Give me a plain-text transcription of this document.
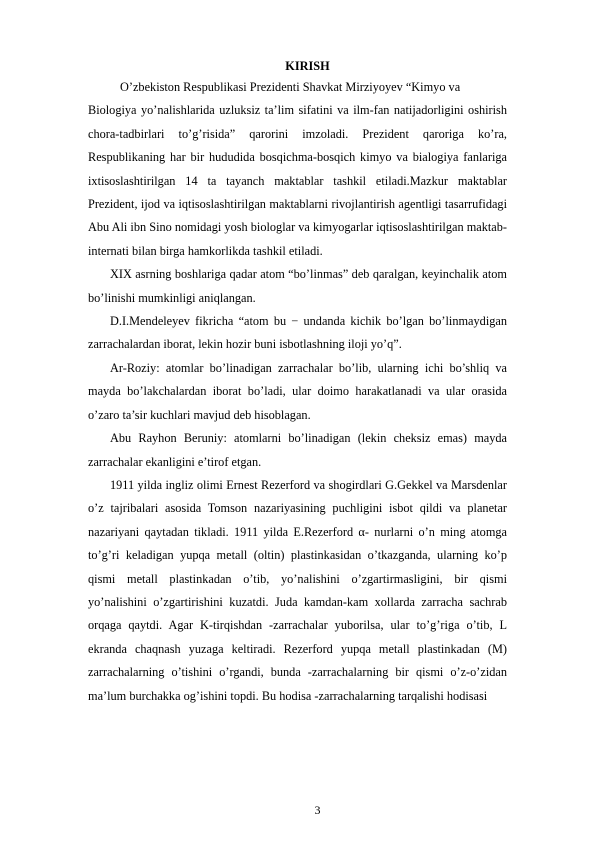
KIRISH
O’zbekiston Respublikasi Prezidenti Shavkat Mirziyoyev “Kimyo va

Biologiya yo’nalishlarida uzluksiz ta’lim sifatini va ilm-fan natijadorligini oshirish chora-tadbirlari to’g’risida” qarorini imzoladi. Prezident qaroriga ko’ra, Respublikaning har bir hududida bosqichma-bosqich kimyo va bialogiya fanlariga ixtisoslashtirilgan 14 ta tayanch maktablar tashkil etiladi.Mazkur maktablar Prezident, ijod va iqtisoslashtirilgan maktablarni rivojlantirish agentligi tasarrufidagi Abu Ali ibn Sino nomidagi yosh biologlar va kimyogarlar iqtisoslashtirilgan maktab-internati bilan birga hamkorlikda tashkil etiladi.

XIX asrning boshlariga qadar atom “bo’linmas” deb qaralgan, keyinchalik atom bo’linishi mumkinligi aniqlangan.

D.I.Mendeleyev fikricha “atom bu − undanda kichik bo’lgan bo’linmaydigan zarrachalardan iborat, lekin hozir buni isbotlashning iloji yo’q”.

Ar-Roziy: atomlar bo’linadigan zarrachalar bo’lib, ularning ichi bo’shliq va mayda bo’lakchalardan iborat bo’ladi, ular doimo harakatlanadi va ular orasida o’zaro ta’sir kuchlari mavjud deb hisoblagan.

Abu Rayhon Beruniy: atomlarni bo’linadigan (lekin cheksiz emas) mayda zarrachalar ekanligini e’tirof etgan.

1911 yilda ingliz olimi Ernest Rezerford va shogirdlari G.Gekkel va Marsdenlar o’z tajribalari asosida Tomson nazariyasining puchligini isbot qildi va planetar nazariyani qaytadan tikladi. 1911 yilda E.Rezerford α- nurlarni o’n ming atomga to’g’ri keladigan yupqa metall (oltin) plastinkasidan o’tkazganda, ularning ko’p qismi metall plastinkadan o’tib, yo’nalishini o’zgartirmasligini, bir qismi yo’nalishini o’zgartirishini kuzatdi. Juda kamdan-kam xollarda zarracha sachrab orqaga qaytdi. Agar K-tirqishdan -zarrachalar yuborilsa, ular to’g’riga o’tib, L ekranda chaqnash yuzaga keltiradi. Rezerford yupqa metall plastinkadan (M) zarrachalarning o’tishini o’rgandi, bunda -zarrachalarning bir qismi o’z-o’zidan ma’lum burchakka og’ishini topdi. Bu hodisa -zarrachalarning tarqalishi hodisasi

3
